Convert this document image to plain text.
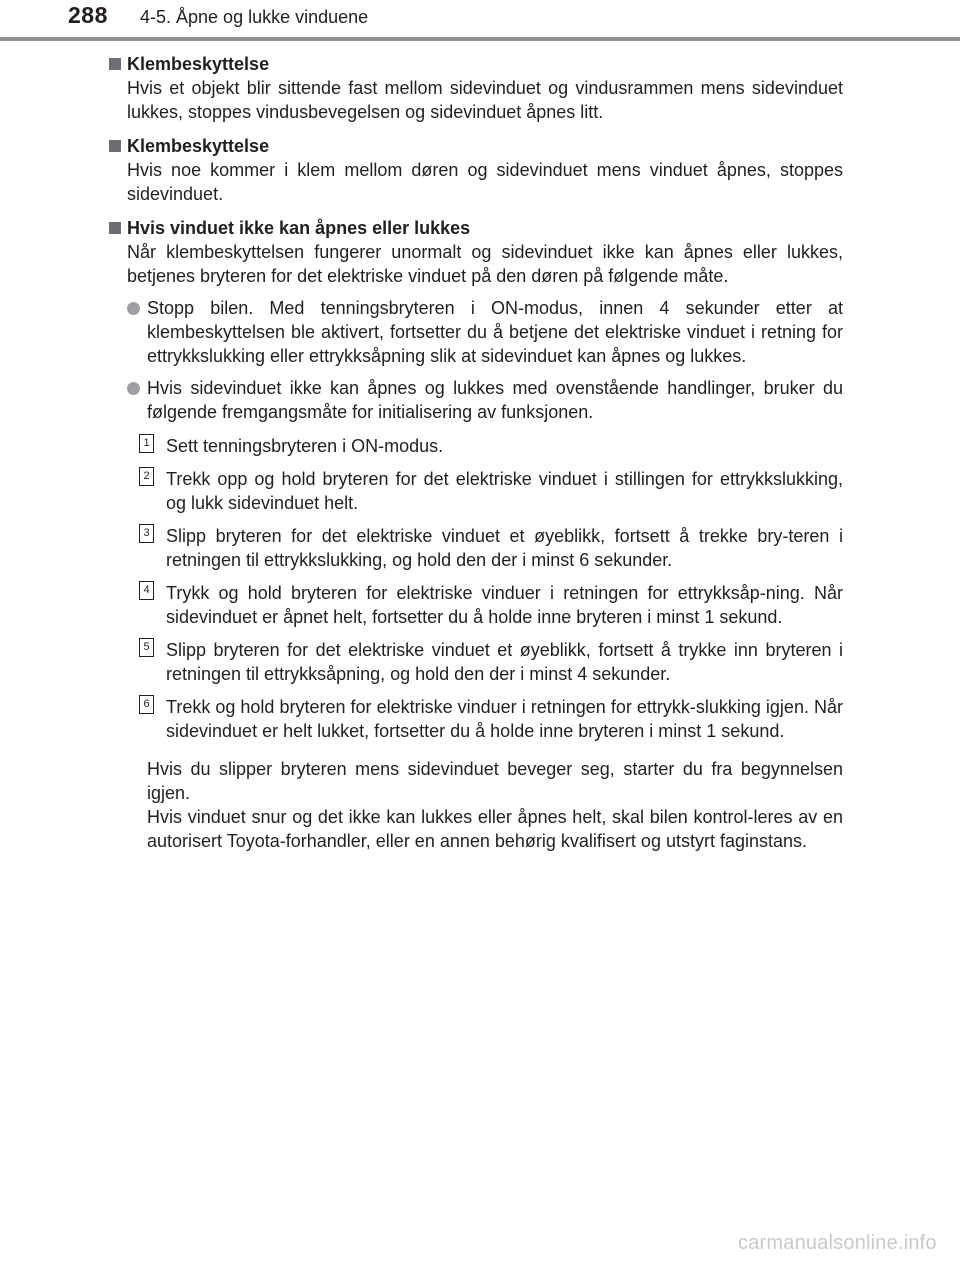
288 4-5. Åpne og lukke vinduene
Klembeskyttelse
Hvis et objekt blir sittende fast mellom sidevinduet og vindusrammen mens sidevinduet lukkes, stoppes vindusbevegelsen og sidevinduet åpnes litt.
Klembeskyttelse
Hvis noe kommer i klem mellom døren og sidevinduet mens vinduet åpnes, stoppes sidevinduet.
Hvis vinduet ikke kan åpnes eller lukkes
Når klembeskyttelsen fungerer unormalt og sidevinduet ikke kan åpnes eller lukkes, betjenes bryteren for det elektriske vinduet på den døren på følgende måte.
Stopp bilen. Med tenningsbryteren i ON-modus, innen 4 sekunder etter at klembeskyttelsen ble aktivert, fortsetter du å betjene det elektriske vinduet i retning for ettrykkslukking eller ettrykksåpning slik at sidevinduet kan åpnes og lukkes.
Hvis sidevinduet ikke kan åpnes og lukkes med ovenstående handlinger, bruker du følgende fremgangsmåte for initialisering av funksjonen.
1 Sett tenningsbryteren i ON-modus.
2 Trekk opp og hold bryteren for det elektriske vinduet i stillingen for ettrykkslukking, og lukk sidevinduet helt.
3 Slipp bryteren for det elektriske vinduet et øyeblikk, fortsett å trekke bry-teren i retningen til ettrykkslukking, og hold den der i minst 6 sekunder.
4 Trykk og hold bryteren for elektriske vinduer i retningen for ettrykksåp-ning. Når sidevinduet er åpnet helt, fortsetter du å holde inne bryteren i minst 1 sekund.
5 Slipp bryteren for det elektriske vinduet et øyeblikk, fortsett å trykke inn bryteren i retningen til ettrykksåpning, og hold den der i minst 4 sekunder.
6 Trekk og hold bryteren for elektriske vinduer i retningen for ettrykk-slukking igjen. Når sidevinduet er helt lukket, fortsetter du å holde inne bryteren i minst 1 sekund.

Hvis du slipper bryteren mens sidevinduet beveger seg, starter du fra begynnelsen igjen.

Hvis vinduet snur og det ikke kan lukkes eller åpnes helt, skal bilen kontrol-leres av en autorisert Toyota-forhandler, eller en annen behørig kvalifisert og utstyrt faginstans.

carmanualsonline.info
